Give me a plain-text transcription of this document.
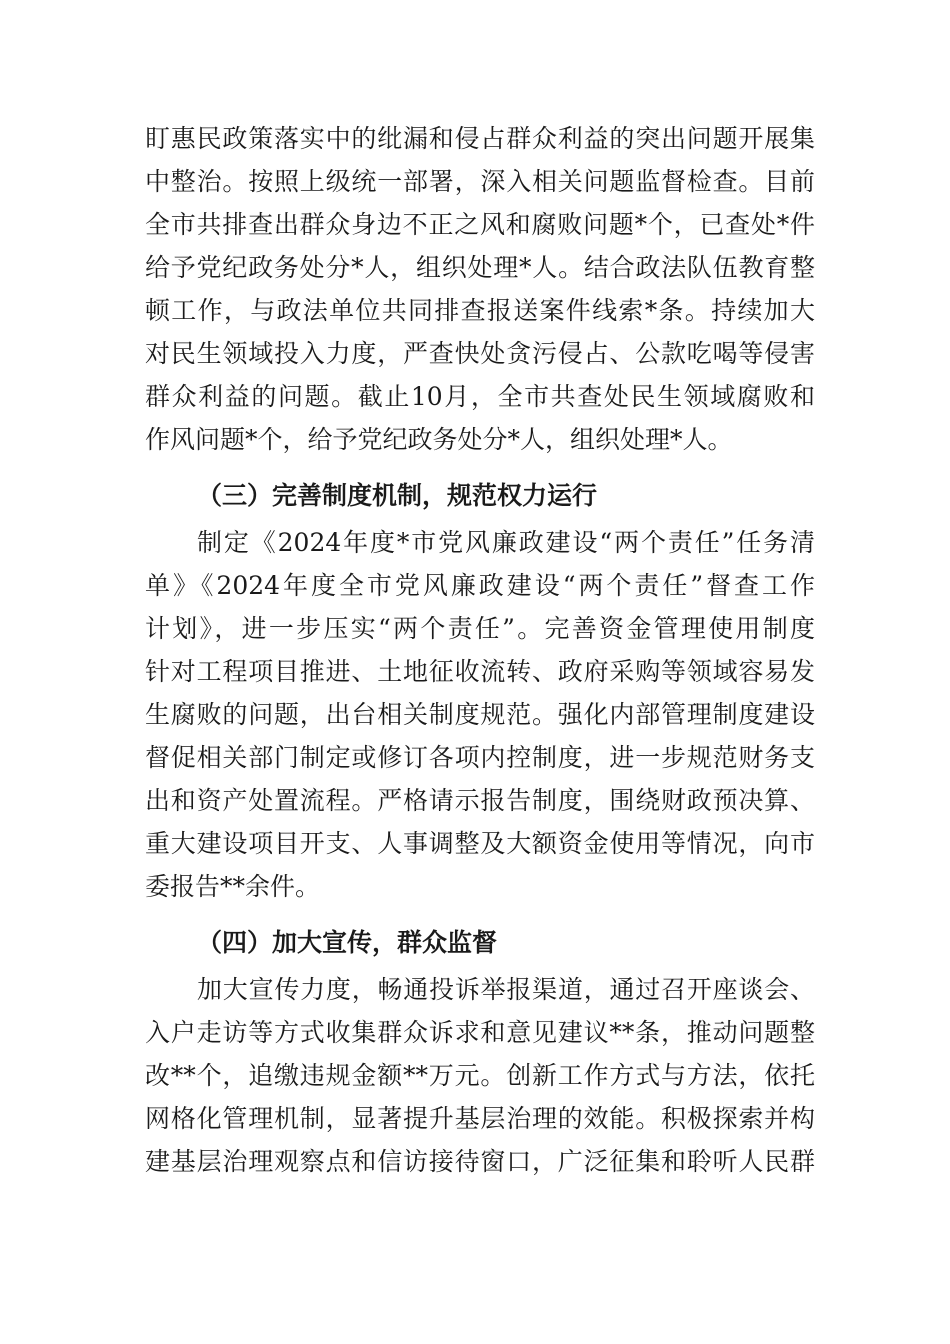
盯惠民政策落实中的纰漏和侵占群众利益的突出问题开展集
中整治。按照上级统一部署，深入相关问题监督检查。目前
全市共排查出群众身边不正之风和腐败问题*个，已查处*件
给予党纪政务处分*人，组织处理*人。结合政法队伍教育整
顿工作，与政法单位共同排查报送案件线索*条。持续加大
对民生领域投入力度，严查快处贪污侵占、公款吃喝等侵害
群众利益的问题。截止10月，全市共查处民生领域腐败和
作风问题*个，给予党纪政务处分*人，组织处理*人。
（三）完善制度机制，规范权力运行
制定《2024年度*市党风廉政建设“两个责任”任务清
单》《2024年度全市党风廉政建设“两个责任”督查工作
计划》，进一步压实“两个责任”。完善资金管理使用制度
针对工程项目推进、土地征收流转、政府采购等领域容易发
生腐败的问题，出台相关制度规范。强化内部管理制度建设
督促相关部门制定或修订各项内控制度，进一步规范财务支
出和资产处置流程。严格请示报告制度，围绕财政预决算、
重大建设项目开支、人事调整及大额资金使用等情况，向市
委报告**余件。
（四）加大宣传，群众监督
加大宣传力度，畅通投诉举报渠道，通过召开座谈会、
入户走访等方式收集群众诉求和意见建议**条，推动问题整
改**个，追缴违规金额**万元。创新工作方式与方法，依托
网格化管理机制，显著提升基层治理的效能。积极探索并构
建基层治理观察点和信访接待窗口，广泛征集和聆听人民群
